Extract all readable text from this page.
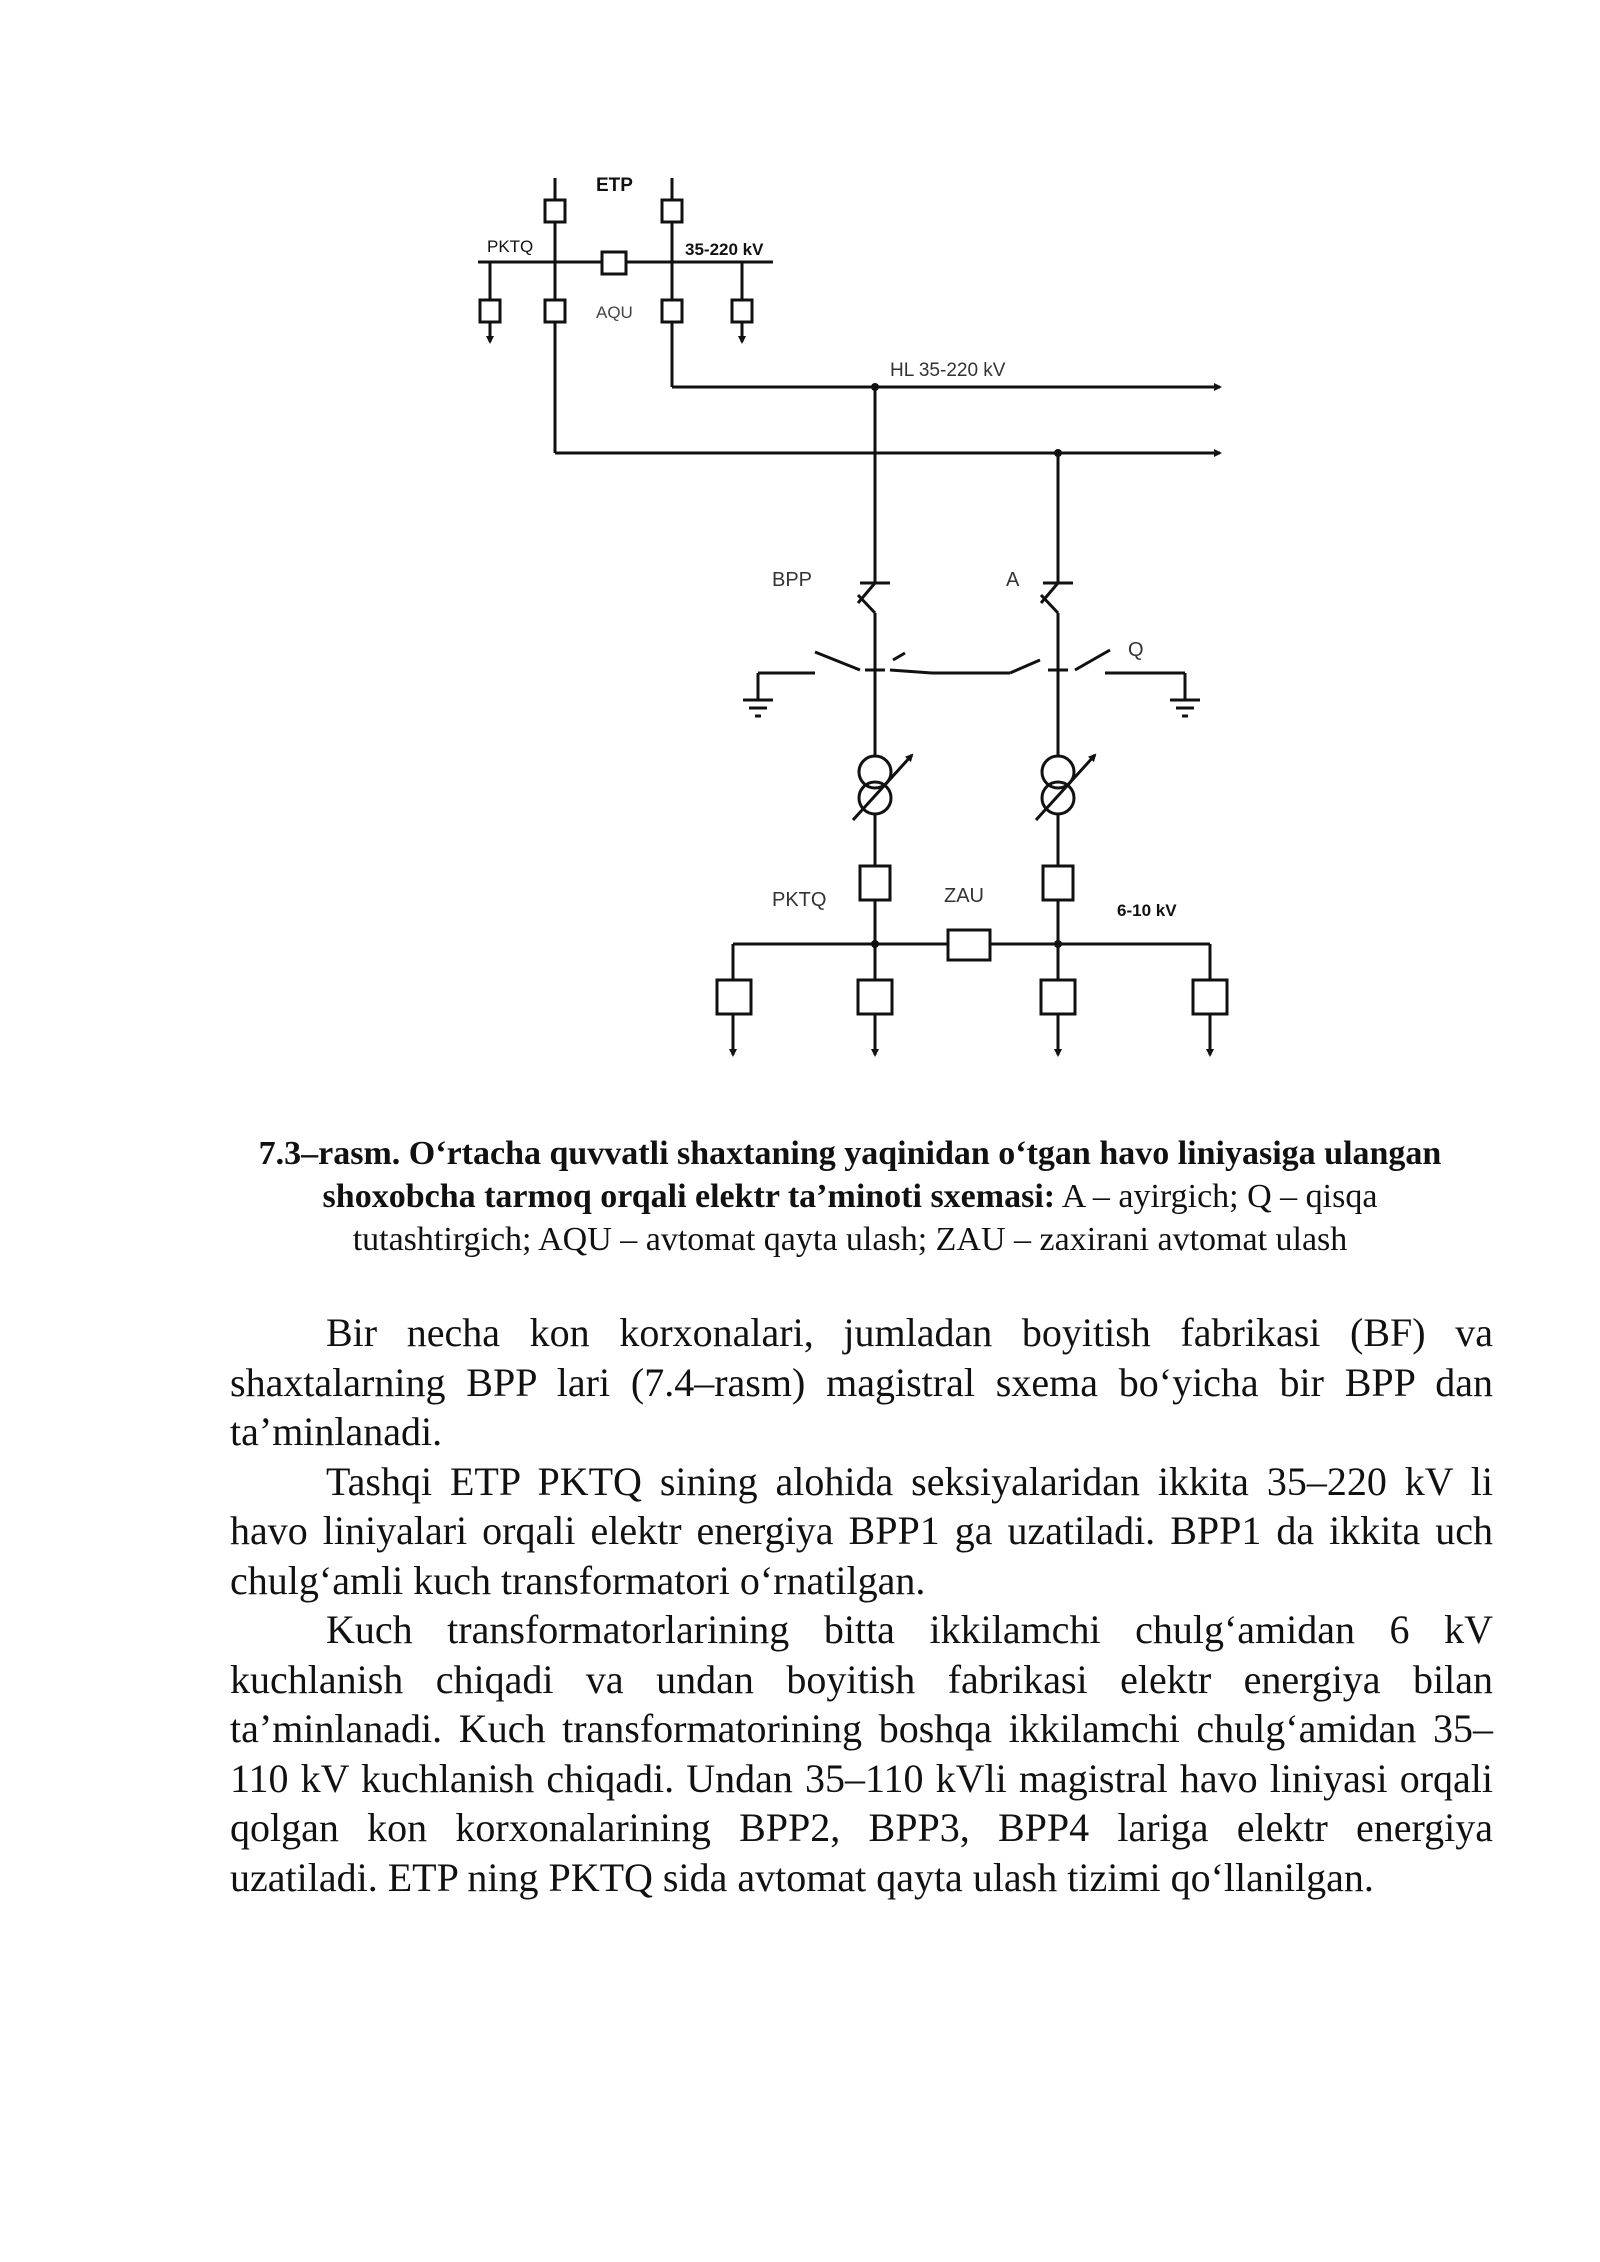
ETP
PKTQ	35-220 kV
AQU
HL 35-220 kV
BPP	A
Q
PKTQ	ZAU
6-10 kV
7.3–rasm. O‘rtacha quvvatli shaxtaning yaqinidan o‘tgan havo liniyasiga ulangan shoxobcha tarmoq orqali elektr ta’minoti sxemasi: A – ayirgich; Q – qisqa tutashtirgich; AQU – avtomat qayta ulash; ZAU – zaxirani avtomat ulash

Bir necha kon korxonalari, jumladan boyitish fabrikasi (BF) va shaxtalarning BPP lari (7.4–rasm) magistral sxema bo‘yicha bir BPP dan ta’minlanadi.

Tashqi ETP PKTQ sining alohida seksiyalaridan ikkita 35–220 kV li havo liniyalari orqali elektr energiya BPP1 ga uzatiladi. BPP1 da ikkita uch chulg‘amli kuch transformatori o‘rnatilgan.

Kuch transformatorlarining bitta ikkilamchi chulg‘amidan 6 kV kuchlanish chiqadi va undan boyitish fabrikasi elektr energiya bilan ta’minlanadi. Kuch transformatorining boshqa ikkilamchi chulg‘amidan 35–110 kV kuchlanish chiqadi. Undan 35–110 kVli magistral havo liniyasi orqali qolgan kon korxonalarining BPP2, BPP3, BPP4 lariga elektr energiya uzatiladi. ETP ning PKTQ sida avtomat qayta ulash tizimi qo‘llanilgan.
